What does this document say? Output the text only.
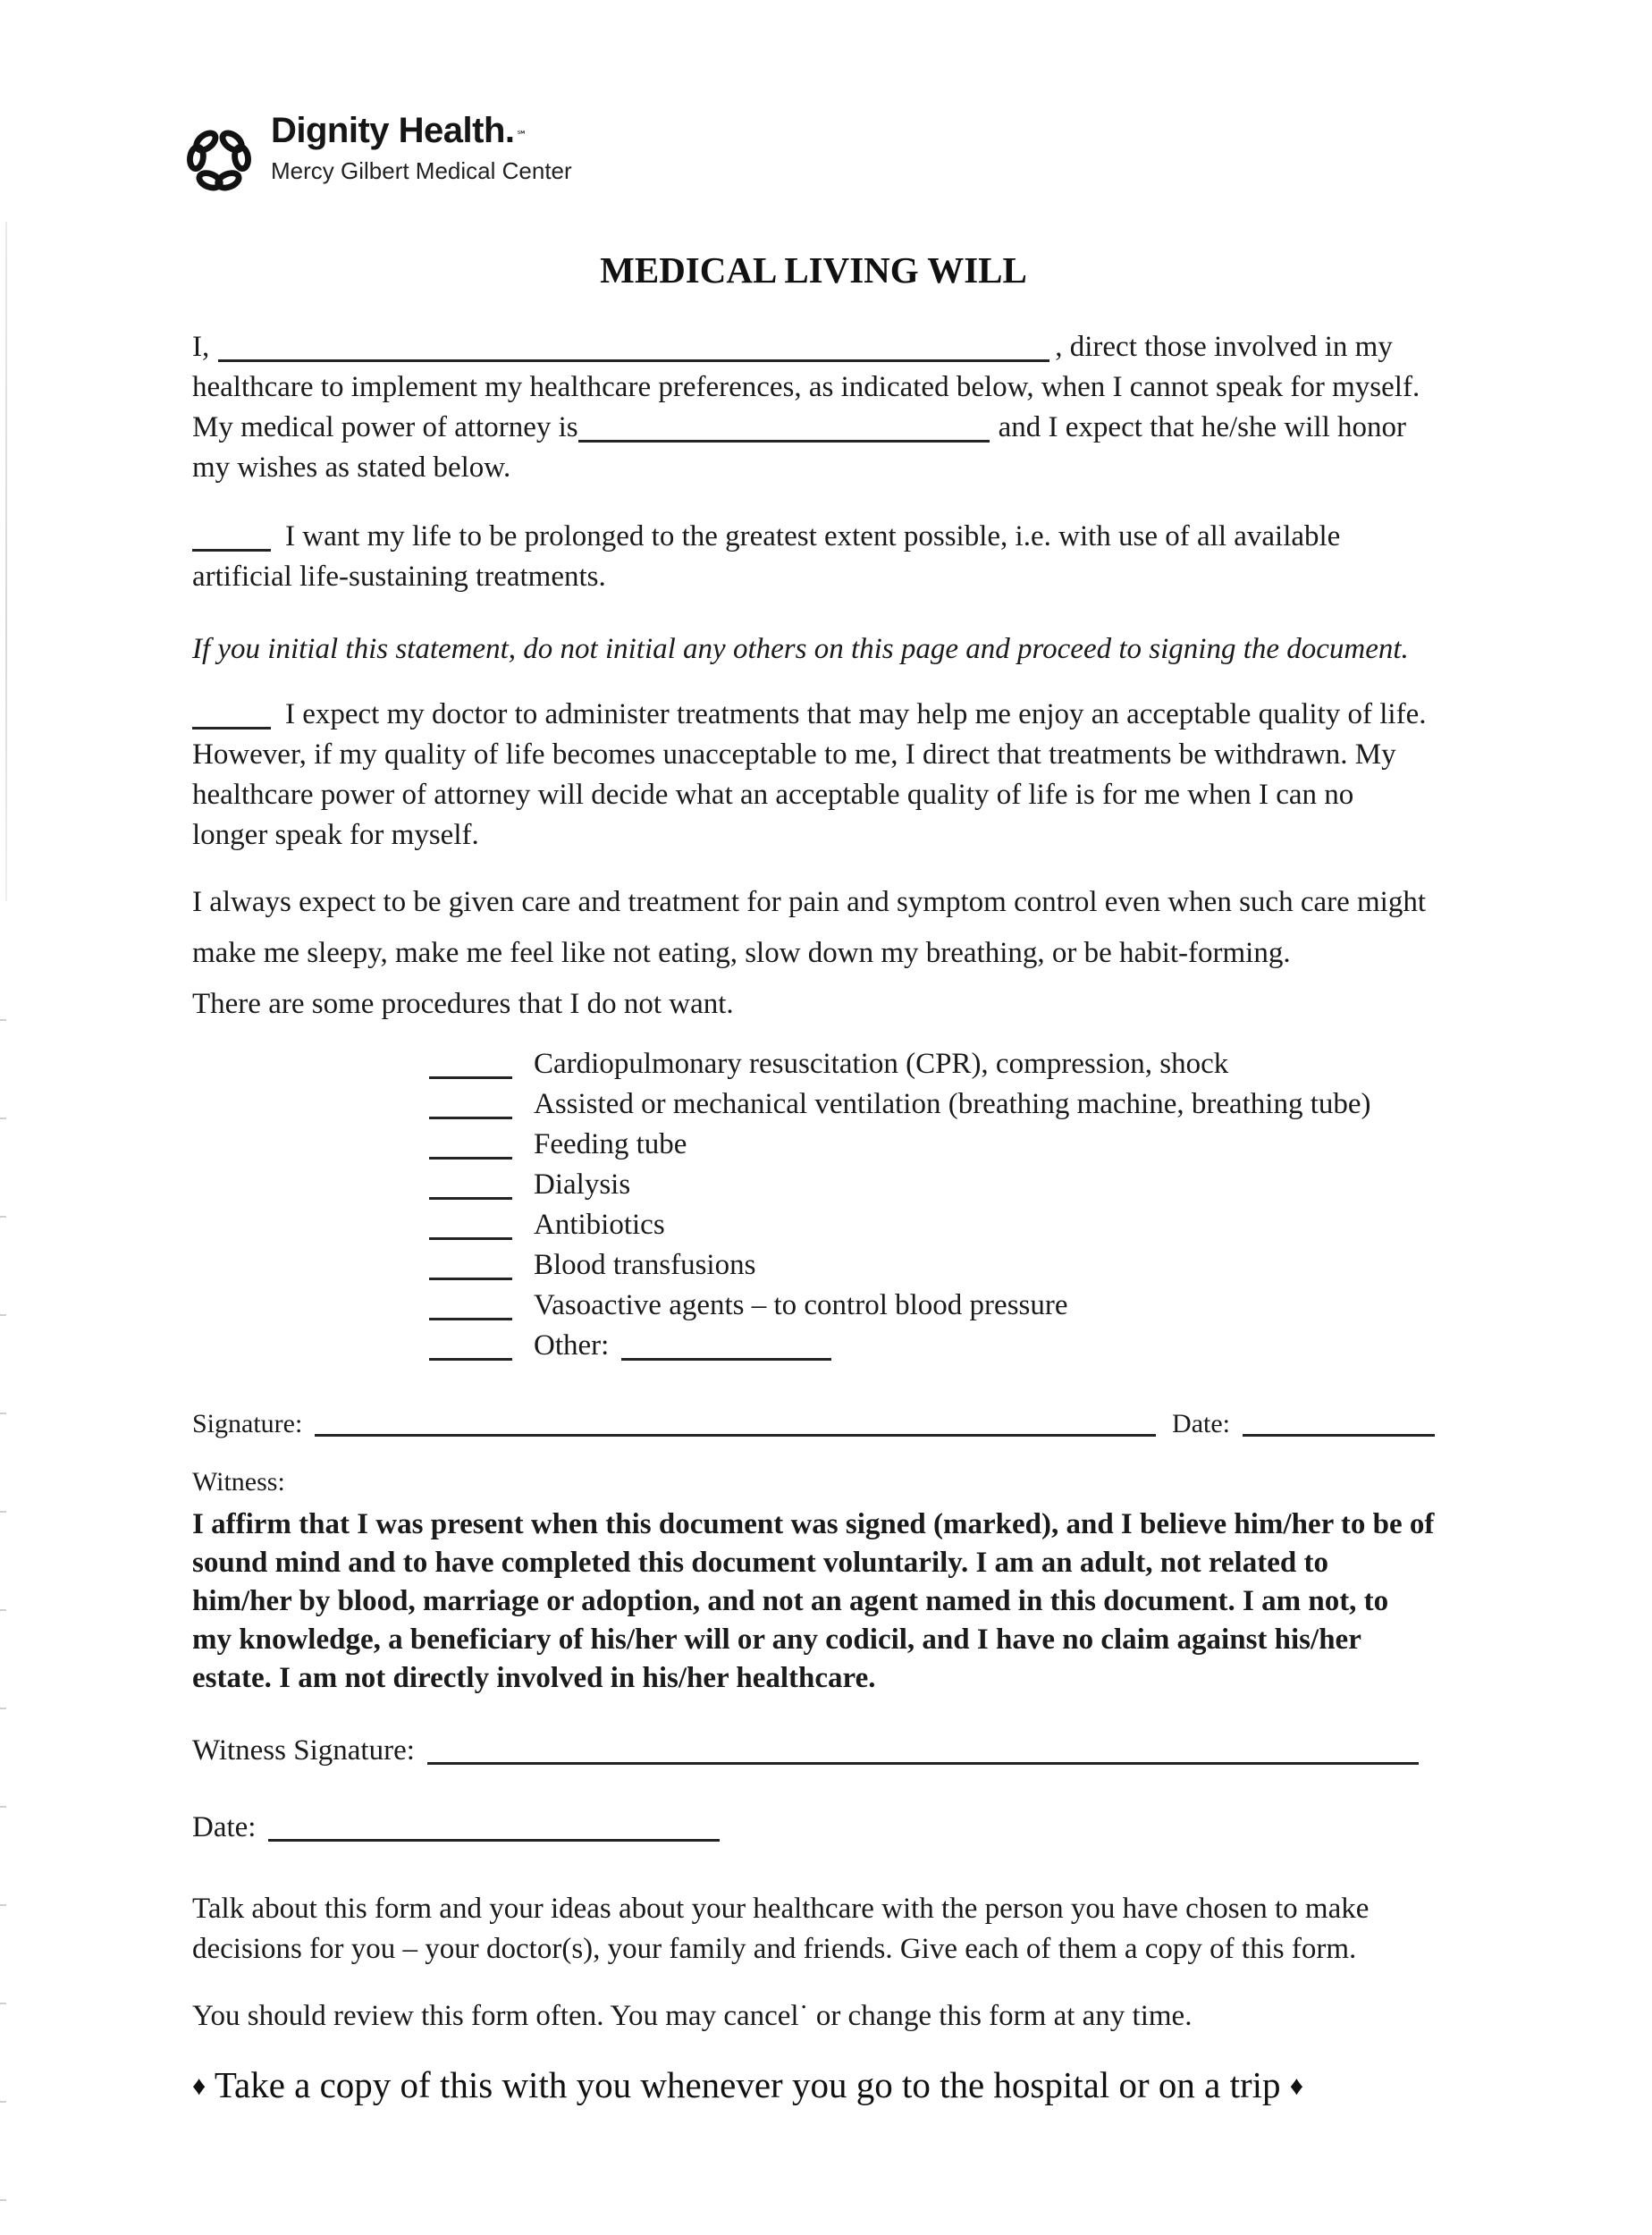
Dignity Health. ℠
Mercy Gilbert Medical Center
MEDICAL LIVING WILL

I,	, direct those involved in my healthcare to implement my healthcare preferences, as indicated below, when I cannot speak for myself. My medical power of attorney is	and I expect that he/she will honor my wishes as stated below.

I want my life to be prolonged to the greatest extent possible, i.e. with use of all available artificial life-sustaining treatments.

If you initial this statement, do not initial any others on this page and proceed to signing the document.

I expect my doctor to administer treatments that may help me enjoy an acceptable quality of life. However, if my quality of life becomes unacceptable to me, I direct that treatments be withdrawn. My healthcare power of attorney will decide what an acceptable quality of life is for me when I can no longer speak for myself.

I always expect to be given care and treatment for pain and symptom control even when such care might make me sleepy, make me feel like not eating, slow down my breathing, or be habit-forming.

There are some procedures that I do not want.

Cardiopulmonary resuscitation (CPR), compression, shock
Assisted or mechanical ventilation (breathing machine, breathing tube)
Feeding tube
Dialysis
Antibiotics
Blood transfusions
Vasoactive agents – to control blood pressure
Other:
Signature:	Date:

Witness:

I affirm that I was present when this document was signed (marked), and I believe him/her to be of sound mind and to have completed this document voluntarily. I am an adult, not related to him/her by blood, marriage or adoption, and not an agent named in this document. I am not, to my knowledge, a beneficiary of his/her will or any codicil, and I have no claim against his/her estate. I am not directly involved in his/her healthcare.

Witness Signature:
Date:

Talk about this form and your ideas about your healthcare with the person you have chosen to make decisions for you – your doctor(s), your family and friends. Give each of them a copy of this form.

You should review this form often. You may cancel˙ or change this form at any time.

♦ Take a copy of this with you whenever you go to the hospital or on a trip ♦
